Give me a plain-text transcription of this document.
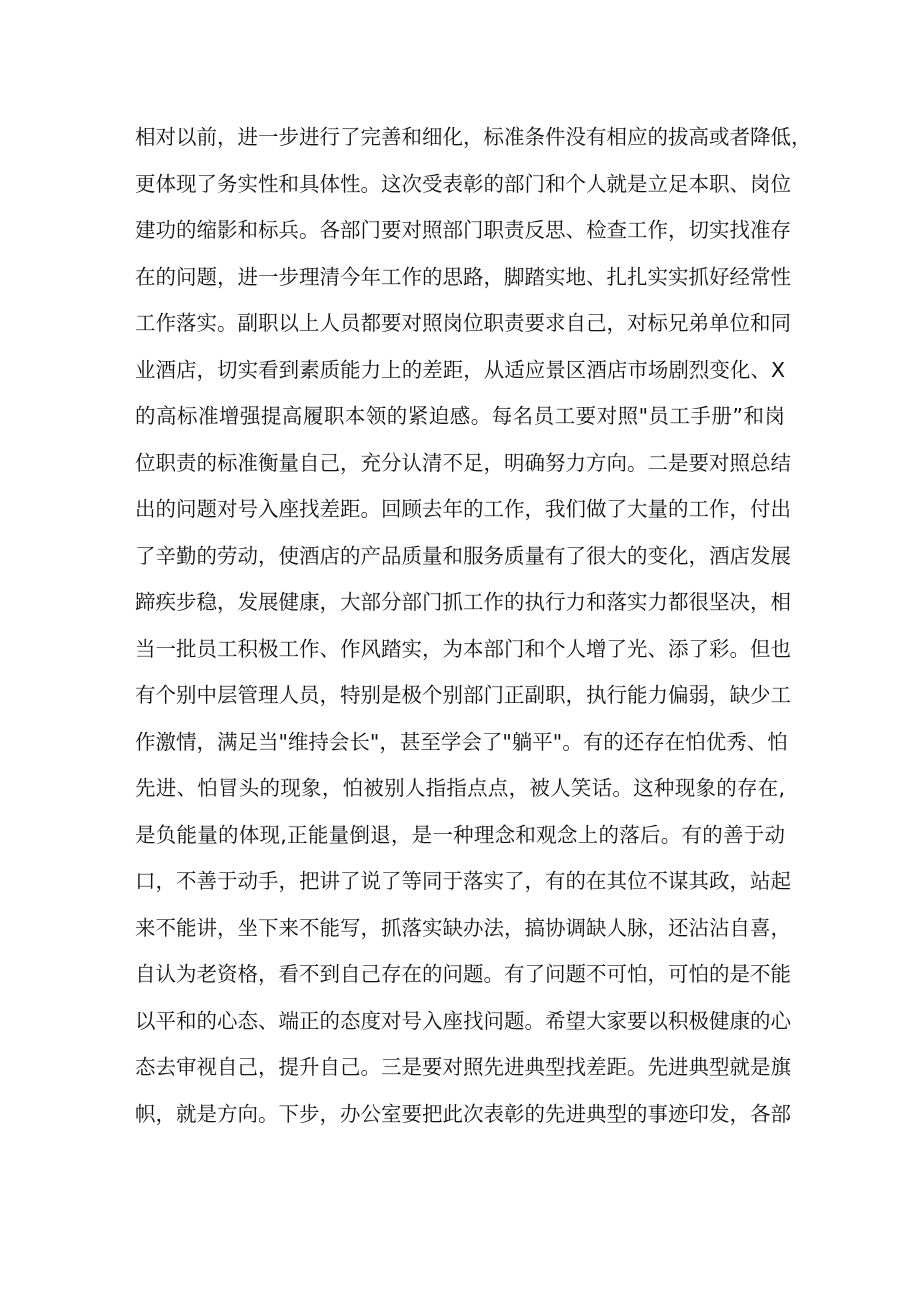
相对以前，进一步进行了完善和细化，标准条件没有相应的拔高或者降低，
更体现了务实性和具体性。这次受表彰的部门和个人就是立足本职、岗位
建功的缩影和标兵。各部门要对照部门职责反思、检查工作，切实找准存
在的问题，进一步理清今年工作的思路，脚踏实地、扎扎实实抓好经常性
工作落实。副职以上人员都要对照岗位职责要求自己，对标兄弟单位和同
业酒店，切实看到素质能力上的差距，从适应景区酒店市场剧烈变化、X
的高标准增强提高履职本领的紧迫感。每名员工要对照"员工手册”和岗
位职责的标准衡量自己，充分认清不足，明确努力方向。二是要对照总结
出的问题对号入座找差距。回顾去年的工作，我们做了大量的工作，付出
了辛勤的劳动，使酒店的产品质量和服务质量有了很大的变化，酒店发展
蹄疾步稳，发展健康，大部分部门抓工作的执行力和落实力都很坚决，相
当一批员工积极工作、作风踏实，为本部门和个人增了光、添了彩。但也
有个别中层管理人员，特别是极个别部门正副职，执行能力偏弱，缺少工
作激情，满足当"维持会长"，甚至学会了"躺平"。有的还存在怕优秀、怕
先进、怕冒头的现象，怕被别人指指点点，被人笑话。这种现象的存在,
是负能量的体现,正能量倒退，是一种理念和观念上的落后。有的善于动
口，不善于动手，把讲了说了等同于落实了，有的在其位不谋其政，站起
来不能讲，坐下来不能写，抓落实缺办法，搞协调缺人脉，还沾沾自喜，
自认为老资格，看不到自己存在的问题。有了问题不可怕，可怕的是不能
以平和的心态、端正的态度对号入座找问题。希望大家要以积极健康的心
态去审视自己，提升自己。三是要对照先进典型找差距。先进典型就是旗
帜，就是方向。下步，办公室要把此次表彰的先进典型的事迹印发，各部
